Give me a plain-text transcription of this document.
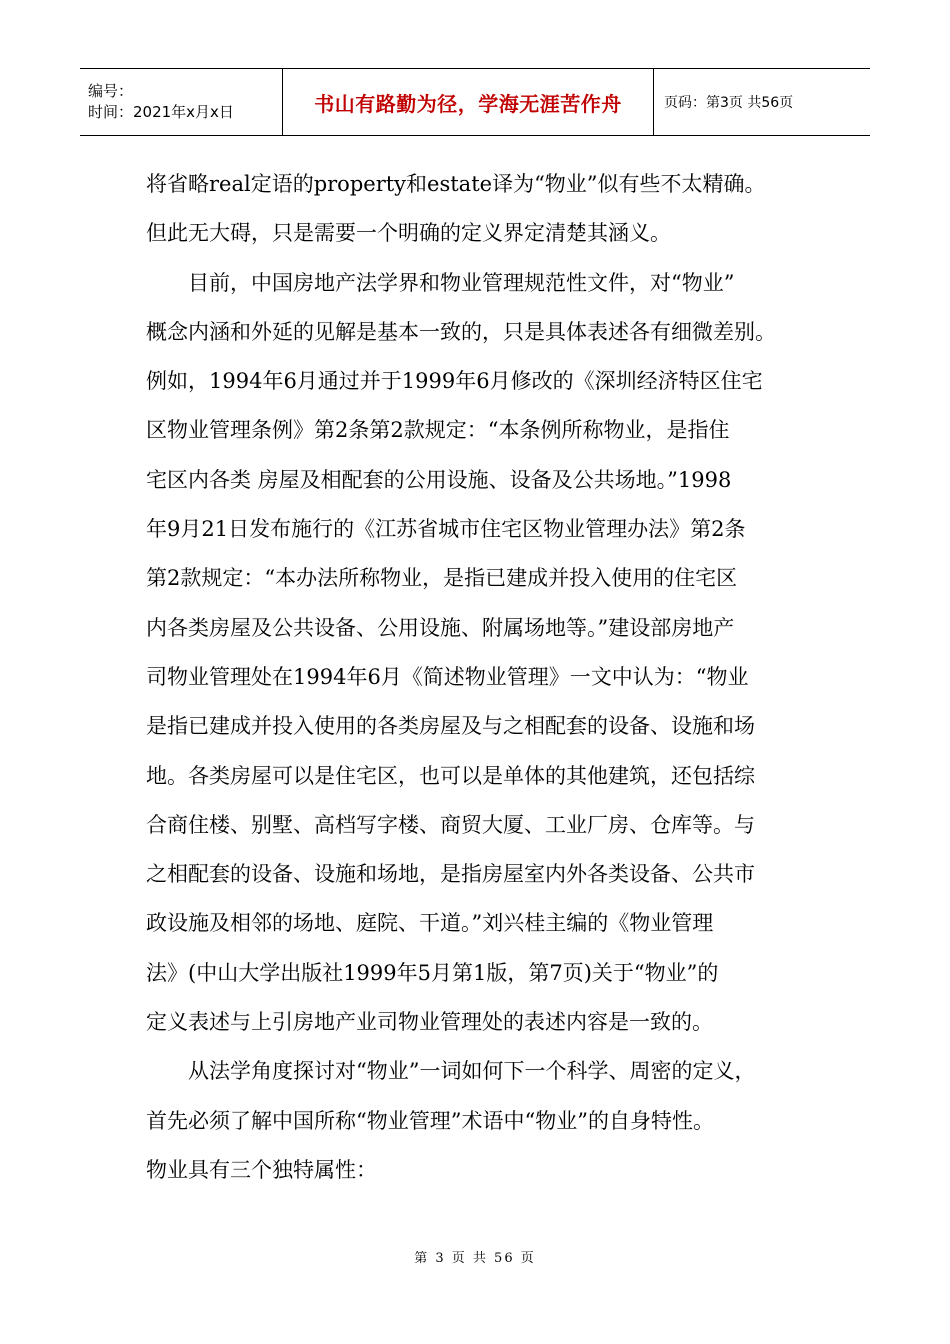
编号：
时间：2021年x月x日	书山有路勤为径，学海无涯苦作舟	页码：第3页 共56页
将省略real定语的property和estate译为“物业”似有些不太精确。
但此无大碍，只是需要一个明确的定义界定清楚其涵义。
目前，中国房地产法学界和物业管理规范性文件，对“物业”
概念内涵和外延的见解是基本一致的，只是具体表述各有细微差别。
例如，1994年6月通过并于1999年6月修改的《深圳经济特区住宅
区物业管理条例》第2条第2款规定：“本条例所称物业，是指住
宅区内各类 房屋及相配套的公用设施、设备及公共场地。”1998
年9月21日发布施行的《江苏省城市住宅区物业管理办法》第2条
第2款规定：“本办法所称物业，是指已建成并投入使用的住宅区
内各类房屋及公共设备、公用设施、附属场地等。”建设部房地产
司物业管理处在1994年6月《简述物业管理》一文中认为：“物业
是指已建成并投入使用的各类房屋及与之相配套的设备、设施和场
地。各类房屋可以是住宅区，也可以是单体的其他建筑，还包括综
合商住楼、别墅、高档写字楼、商贸大厦、工业厂房、仓库等。与
之相配套的设备、设施和场地，是指房屋室内外各类设备、公共市
政设施及相邻的场地、庭院、干道。”刘兴桂主编的《物业管理
法》(中山大学出版社1999年5月第1版，第7页)关于“物业”的
定义表述与上引房地产业司物业管理处的表述内容是一致的。
从法学角度探讨对“物业”一词如何下一个科学、周密的定义，
首先必须了解中国所称“物业管理”术语中“物业”的自身特性。
物业具有三个独特属性：
第 3 页 共 56 页
